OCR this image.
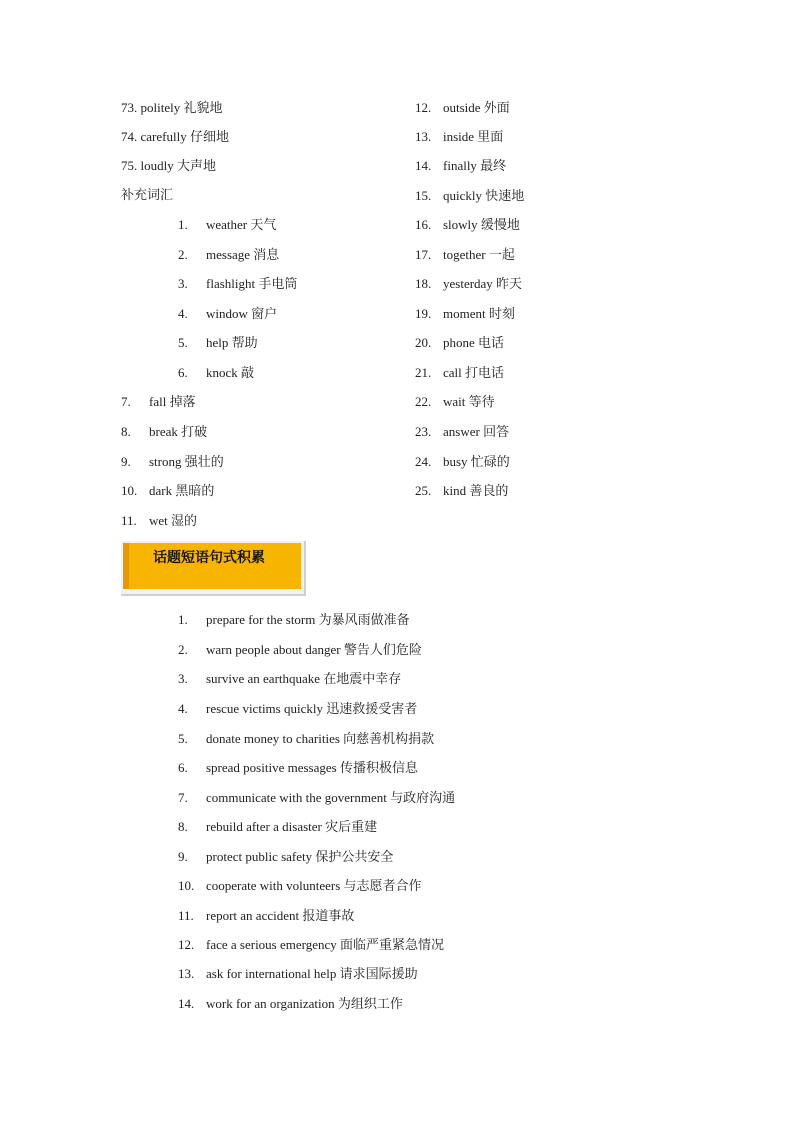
73. politely 礼貌地
74. carefully 仔细地
75. loudly 大声地
补充词汇
1. weather 天气
2. message 消息
3. flashlight 手电筒
4. window 窗户
5. help 帮助
6. knock 敲
7. fall 掉落
8. break 打破
9. strong 强壮的
10. dark 黑暗的
11. wet 湿的
12. outside 外面
13. inside 里面
14. finally 最终
15. quickly 快速地
16. slowly 缓慢地
17. together 一起
18. yesterday 昨天
19. moment 时刻
20. phone 电话
21. call 打电话
22. wait 等待
23. answer 回答
24. busy 忙碌的
25. kind 善良的
话题短语句式积累
1. prepare for the storm 为暴风雨做准备
2. warn people about danger 警告人们危险
3. survive an earthquake 在地震中幸存
4. rescue victims quickly 迅速救援受害者
5. donate money to charities 向慈善机构捐款
6. spread positive messages 传播积极信息
7. communicate with the government 与政府沟通
8. rebuild after a disaster 灾后重建
9. protect public safety 保护公共安全
10. cooperate with volunteers 与志愿者合作
11. report an accident 报道事故
12. face a serious emergency 面临严重紧急情况
13. ask for international help 请求国际援助
14. work for an organization 为组织工作
